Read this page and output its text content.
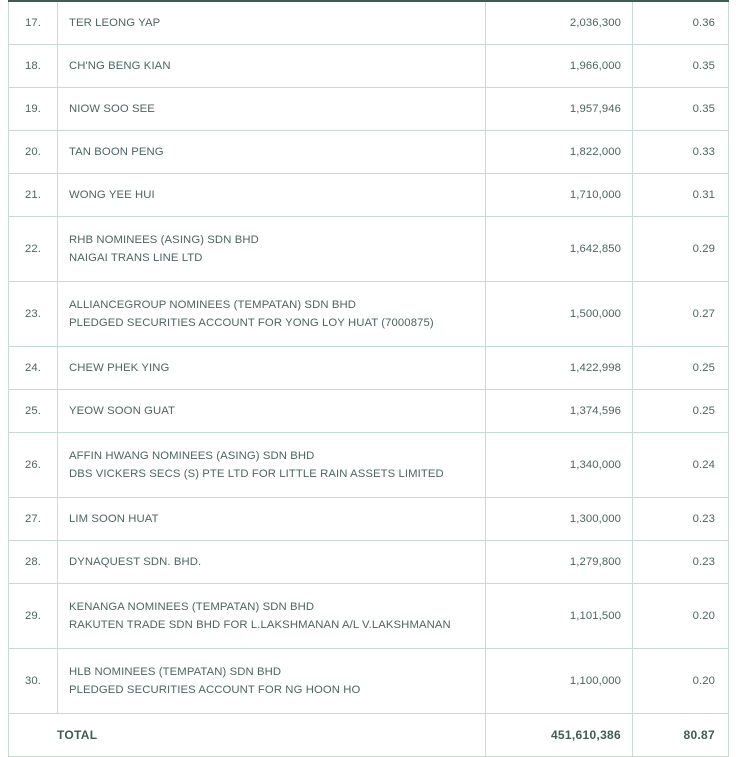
17.	TER LEONG YAP	2,036,300	0.36
18.	CH'NG BENG KIAN	1,966,000	0.35
19.	NIOW SOO SEE	1,957,946	0.35
20.	TAN BOON PENG	1,822,000	0.33
21.	WONG YEE HUI	1,710,000	0.31
22.	RHB NOMINEES (ASING) SDN BHD
NAIGAI TRANS LINE LTD	1,642,850	0.29
23.	ALLIANCEGROUP NOMINEES (TEMPATAN) SDN BHD
PLEDGED SECURITIES ACCOUNT FOR YONG LOY HUAT (7000875)	1,500,000	0.27
24.	CHEW PHEK YING	1,422,998	0.25
25.	YEOW SOON GUAT	1,374,596	0.25
26.	AFFIN HWANG NOMINEES (ASING) SDN BHD
DBS VICKERS SECS (S) PTE LTD FOR LITTLE RAIN ASSETS LIMITED	1,340,000	0.24
27.	LIM SOON HUAT	1,300,000	0.23
28.	DYNAQUEST SDN. BHD.	1,279,800	0.23
29.	KENANGA NOMINEES (TEMPATAN) SDN BHD
RAKUTEN TRADE SDN BHD FOR L.LAKSHMANAN A/L V.LAKSHMANAN	1,101,500	0.20
30.	HLB NOMINEES (TEMPATAN) SDN BHD
PLEDGED SECURITIES ACCOUNT FOR NG HOON HO	1,100,000	0.20
TOTAL		451,610,386	80.87
